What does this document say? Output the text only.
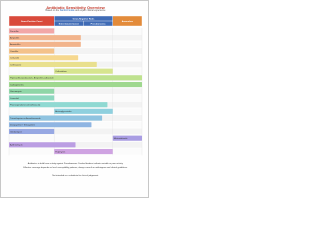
Antibiotic Sensitivity Overview
Based on the Sanford Guide and expert clinical experience
Gram-Positive Cocci
Gram-Negative Rods
Enterobacteriaceae	Pseudomonas
Anaerobes
Penicillin
Ampicillin
Amoxicillin
Oxacillin
Cefazolin
Ceftriaxone
Ceftazidime
Piperacillin-tazobactam, Ampicillin-sulbactam
Carbapenems
Vancomycin
Linezolid
Fluoroquinolones (levofloxacin)
Aminoglycosides
Trimethoprim-sulfamethoxazole
Doxycycline / Tetracycline
Clindamycin
Metronidazole
Azithromycin
Polymyxin
Antibiotics in bold have activity against Pseudomonas. Dashed borders indicate variable or poor activity.
Effective coverage depends on local susceptibility patterns; always consult an antibiogram and clinical guidelines.
Not intended as a substitute for clinical judgement.
